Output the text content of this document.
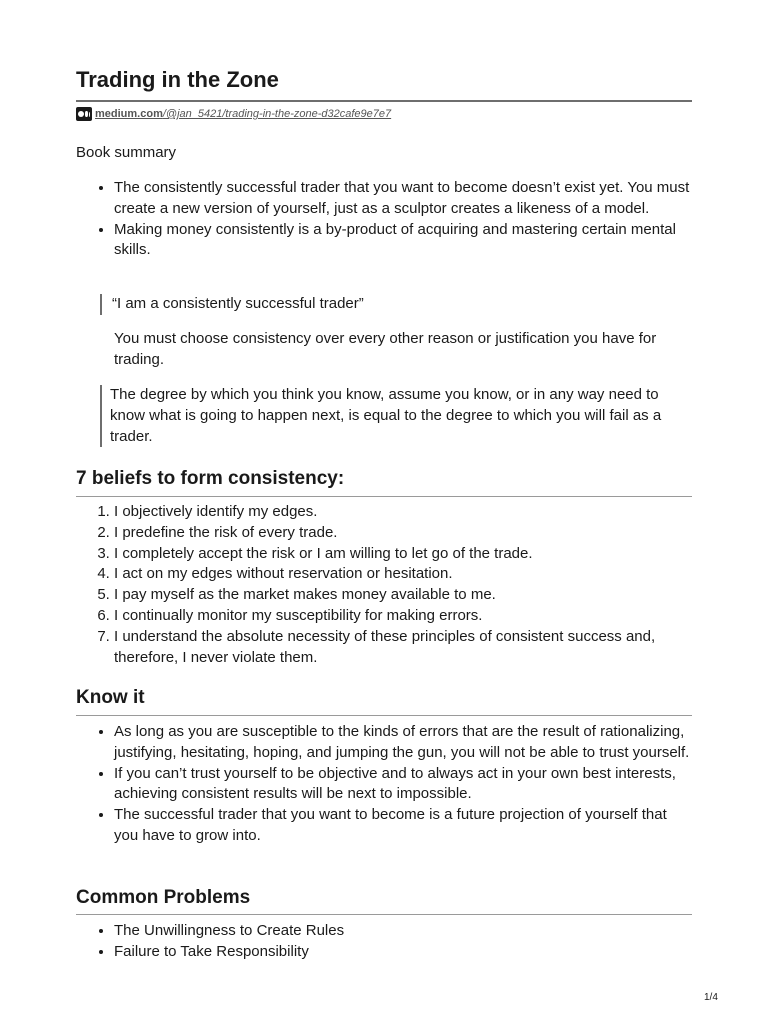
Trading in the Zone
medium.com/@jan_5421/trading-in-the-zone-d32cafe9e7e7
Book summary
• The consistently successful trader that you want to become doesn’t exist yet. You must create a new version of yourself, just as a sculptor creates a likeness of a model.
• Making money consistently is a by-product of acquiring and mastering certain mental skills.
“I am a consistently successful trader”
You must choose consistency over every other reason or justification you have for trading.
The degree by which you think you know, assume you know, or in any way need to know what is going to happen next, is equal to the degree to which you will fail as a trader.
7 beliefs to form consistency:
1. I objectively identify my edges.
2. I predefine the risk of every trade.
3. I completely accept the risk or I am willing to let go of the trade.
4. I act on my edges without reservation or hesitation.
5. I pay myself as the market makes money available to me.
6. I continually monitor my susceptibility for making errors.
7. I understand the absolute necessity of these principles of consistent success and, therefore, I never violate them.
Know it
• As long as you are susceptible to the kinds of errors that are the result of rationalizing, justifying, hesitating, hoping, and jumping the gun, you will not be able to trust yourself.
• If you can’t trust yourself to be objective and to always act in your own best interests, achieving consistent results will be next to impossible.
• The successful trader that you want to become is a future projection of yourself that you have to grow into.
Common Problems
• The Unwillingness to Create Rules
• Failure to Take Responsibility
1/4
